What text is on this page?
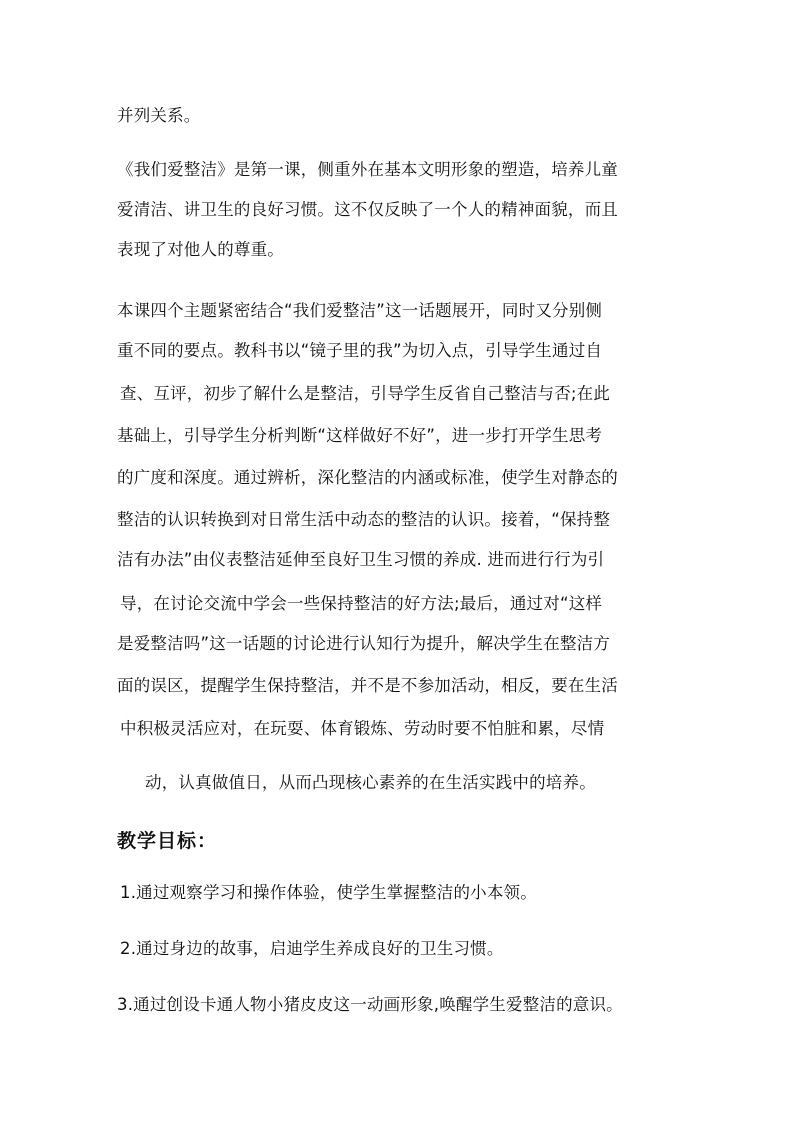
并列关系。
《我们爱整洁》是第一课，侧重外在基本文明形象的塑造，培养儿童
爱清洁、讲卫生的良好习惯。这不仅反映了一个人的精神面貌，而且
表现了对他人的尊重。
本课四个主题紧密结合“我们爱整洁”这一话题展开，同时又分别侧
重不同的要点。教科书以“镜子里的我”为切入点，引导学生通过自
查、互评，初步了解什么是整洁，引导学生反省自己整洁与否;在此
基础上，引导学生分析判断“这样做好不好”，进一步打开学生思考
的广度和深度。通过辨析，深化整洁的内涵或标准，使学生对静态的
整洁的认识转换到对日常生活中动态的整洁的认识。接着，“保持整
洁有办法”由仪表整洁延伸至良好卫生习惯的养成. 进而进行行为引
导，在讨论交流中学会一些保持整洁的好方法;最后，通过对“这样
是爱整洁吗”这一话题的讨论进行认知行为提升，解决学生在整洁方
面的误区，提醒学生保持整洁，并不是不参加活动，相反，要在生活
中积极灵活应对，在玩耍、体育锻炼、劳动时要不怕脏和累，尽情
动，认真做值日，从而凸现核心素养的在生活实践中的培养。
教学目标：
1.通过观察学习和操作体验，使学生掌握整洁的小本领。
2.通过身边的故事，启迪学生养成良好的卫生习惯。
3.通过创设卡通人物小猪皮皮这一动画形象,唤醒学生爱整洁的意识。
